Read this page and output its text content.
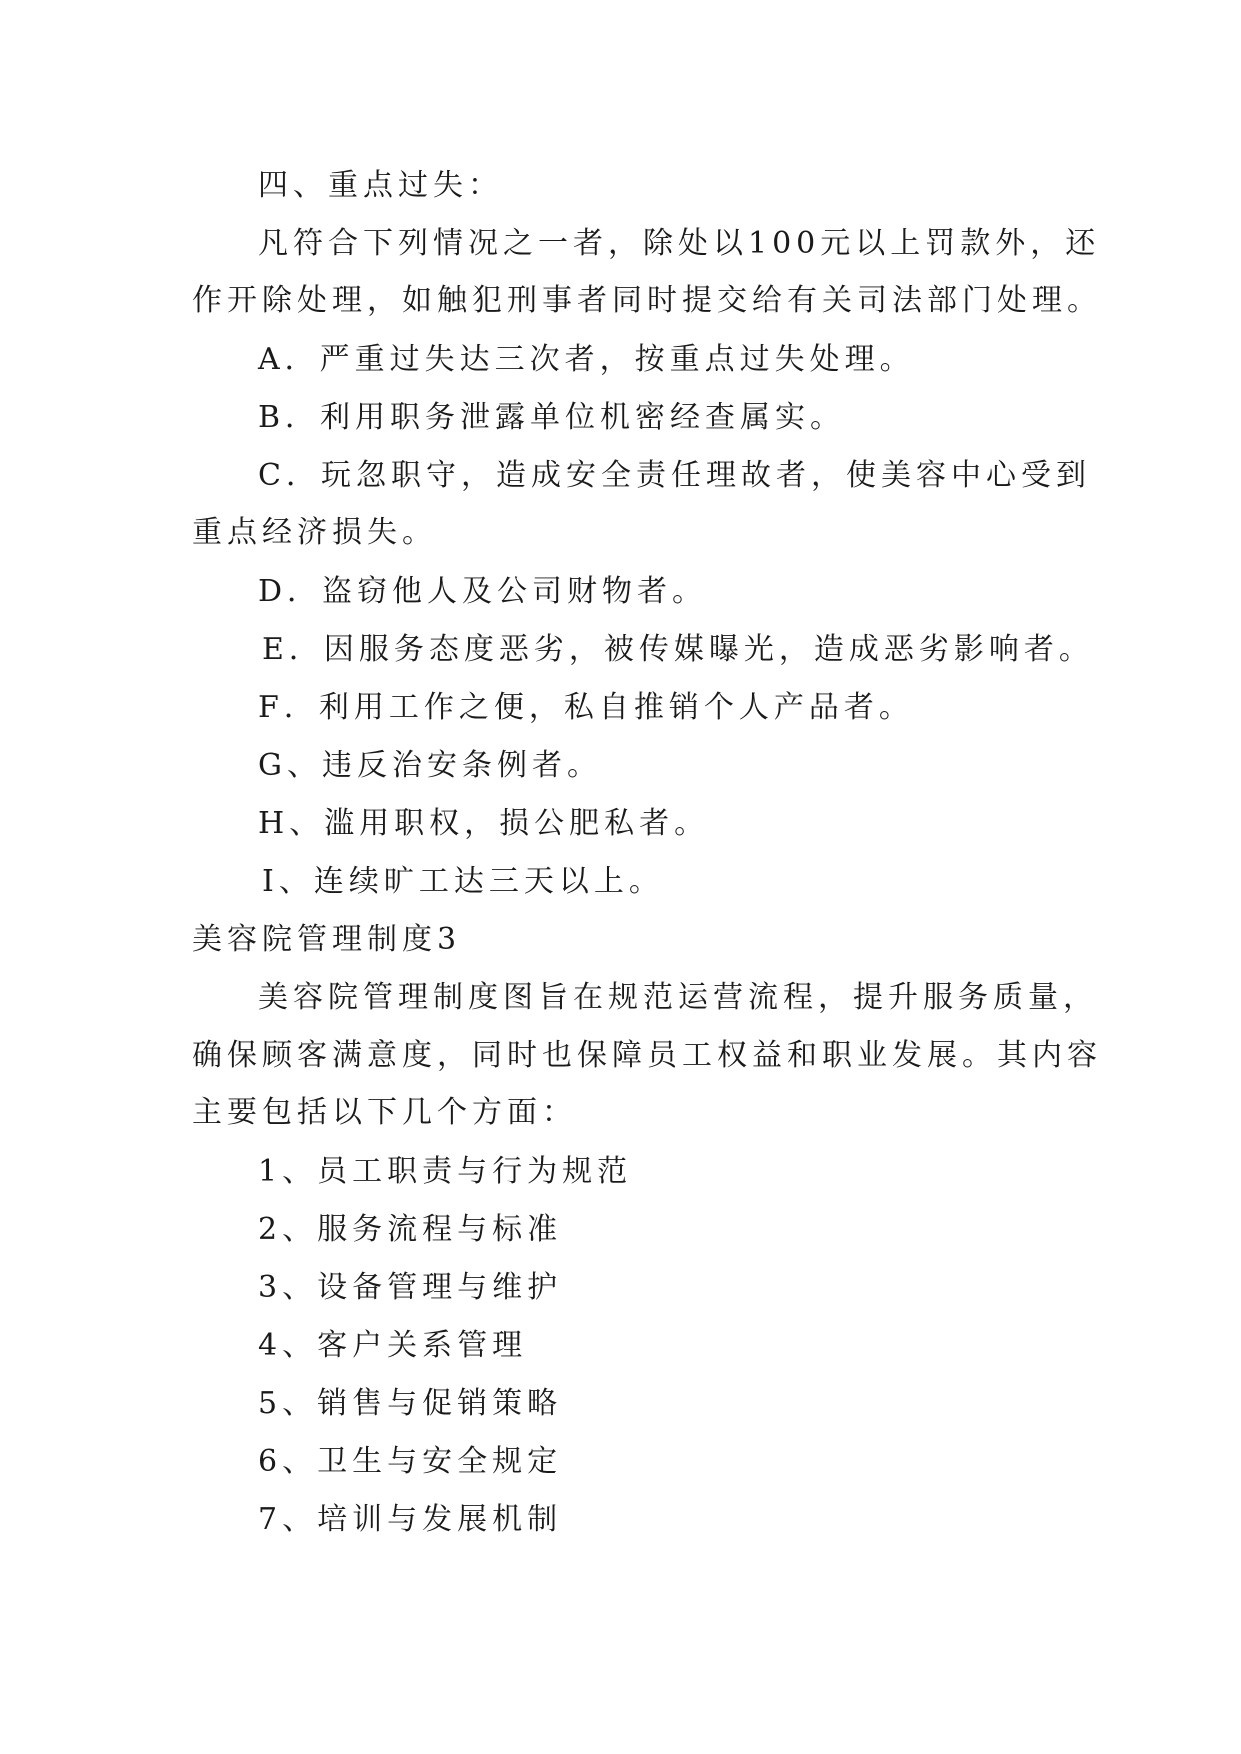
四、重点过失：
凡符合下列情况之一者，除处以100元以上罚款外，还
作开除处理，如触犯刑事者同时提交给有关司法部门处理。
A．严重过失达三次者，按重点过失处理。
B．利用职务泄露单位机密经查属实。
C．玩忽职守，造成安全责任理故者，使美容中心受到
重点经济损失。
D．盗窃他人及公司财物者。
E．因服务态度恶劣，被传媒曝光，造成恶劣影响者。
F．利用工作之便，私自推销个人产品者。
G、违反治安条例者。
H、滥用职权，损公肥私者。
I、连续旷工达三天以上。
美容院管理制度3
美容院管理制度图旨在规范运营流程，提升服务质量，
确保顾客满意度，同时也保障员工权益和职业发展。其内容
主要包括以下几个方面：
1、员工职责与行为规范
2、服务流程与标准
3、设备管理与维护
4、客户关系管理
5、销售与促销策略
6、卫生与安全规定
7、培训与发展机制
